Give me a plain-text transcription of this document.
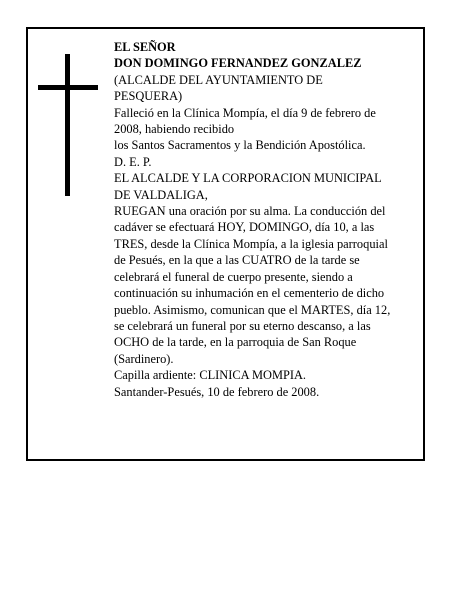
EL SEÑOR
DON DOMINGO FERNANDEZ GONZALEZ
(ALCALDE DEL AYUNTAMIENTO DE
PESQUERA)
Falleció en la Clínica Mompía, el día 9 de febrero de
2008, habiendo recibido
los Santos Sacramentos y la Bendición Apostólica.
D. E. P.
EL ALCALDE Y LA CORPORACION MUNICIPAL
DE VALDALIGA,
RUEGAN una oración por su alma. La conducción del
cadáver se efectuará HOY, DOMINGO, día 10, a las
TRES, desde la Clínica Mompía, a la iglesia parroquial
de Pesués, en la que a las CUATRO de la tarde se
celebrará el funeral de cuerpo presente, siendo a
continuación su inhumación en el cementerio de dicho
pueblo. Asimismo, comunican que el MARTES, día 12,
se celebrará un funeral por su eterno descanso, a las
OCHO de la tarde, en la parroquia de San Roque
(Sardinero).
Capilla ardiente: CLINICA MOMPIA.
Santander-Pesués, 10 de febrero de 2008.
